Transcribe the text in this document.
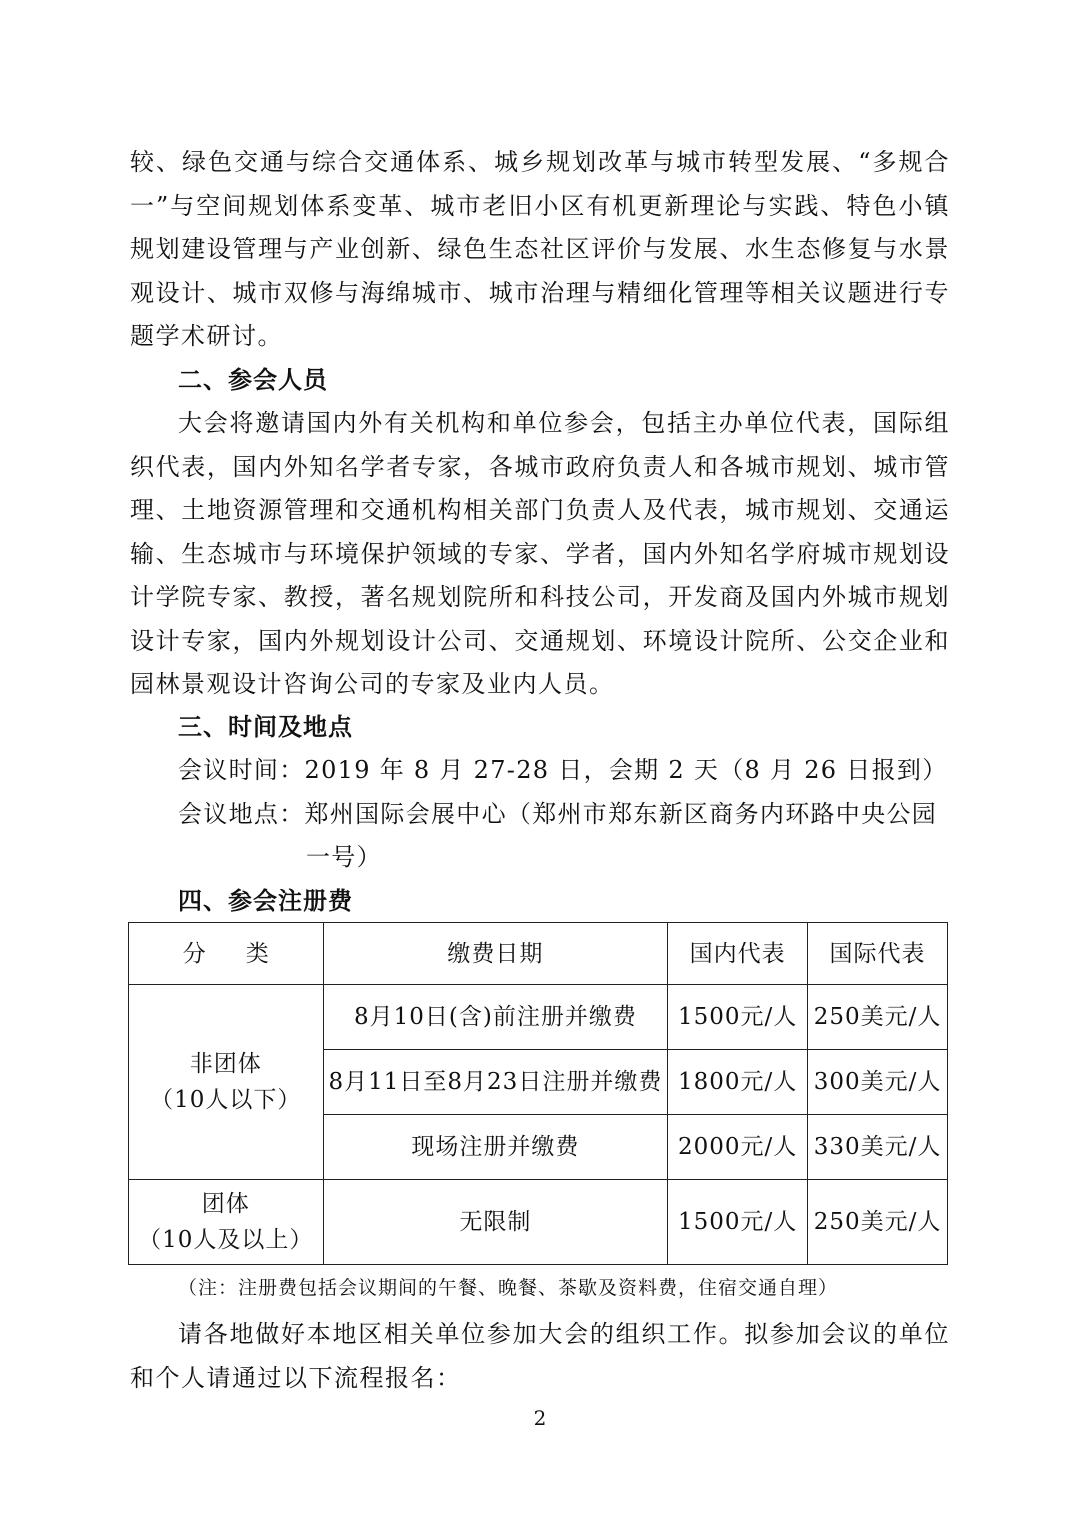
较、绿色交通与综合交通体系、城乡规划改革与城市转型发展、“多规合一”与空间规划体系变革、城市老旧小区有机更新理论与实践、特色小镇规划建设管理与产业创新、绿色生态社区评价与发展、水生态修复与水景观设计、城市双修与海绵城市、城市治理与精细化管理等相关议题进行专题学术研讨。

二、参会人员

大会将邀请国内外有关机构和单位参会，包括主办单位代表，国际组织代表，国内外知名学者专家，各城市政府负责人和各城市规划、城市管理、土地资源管理和交通机构相关部门负责人及代表，城市规划、交通运输、生态城市与环境保护领域的专家、学者，国内外知名学府城市规划设计学院专家、教授，著名规划院所和科技公司，开发商及国内外城市规划设计专家，国内外规划设计公司、交通规划、环境设计院所、公交企业和园林景观设计咨询公司的专家及业内人员。

三、时间及地点

会议时间：2019 年 8 月 27-28 日，会期 2 天（8 月 26 日报到）

会议地点：郑州国际会展中心（郑州市郑东新区商务内环路中央公园

一号）

四、参会注册费
分类	缴费日期	国内代表	国际代表

非团体
（10人以下）	8月10日(含)前注册并缴费	1500元/人	250美元/人
	8月11日至8月23日注册并缴费	1800元/人	300美元/人
	现场注册并缴费	2000元/人	330美元/人

团体
（10人及以上）	无限制	1500元/人	250美元/人

（注：注册费包括会议期间的午餐、晚餐、茶歇及资料费，住宿交通自理）

请各地做好本地区相关单位参加大会的组织工作。拟参加会议的单位和个人请通过以下流程报名：

2
